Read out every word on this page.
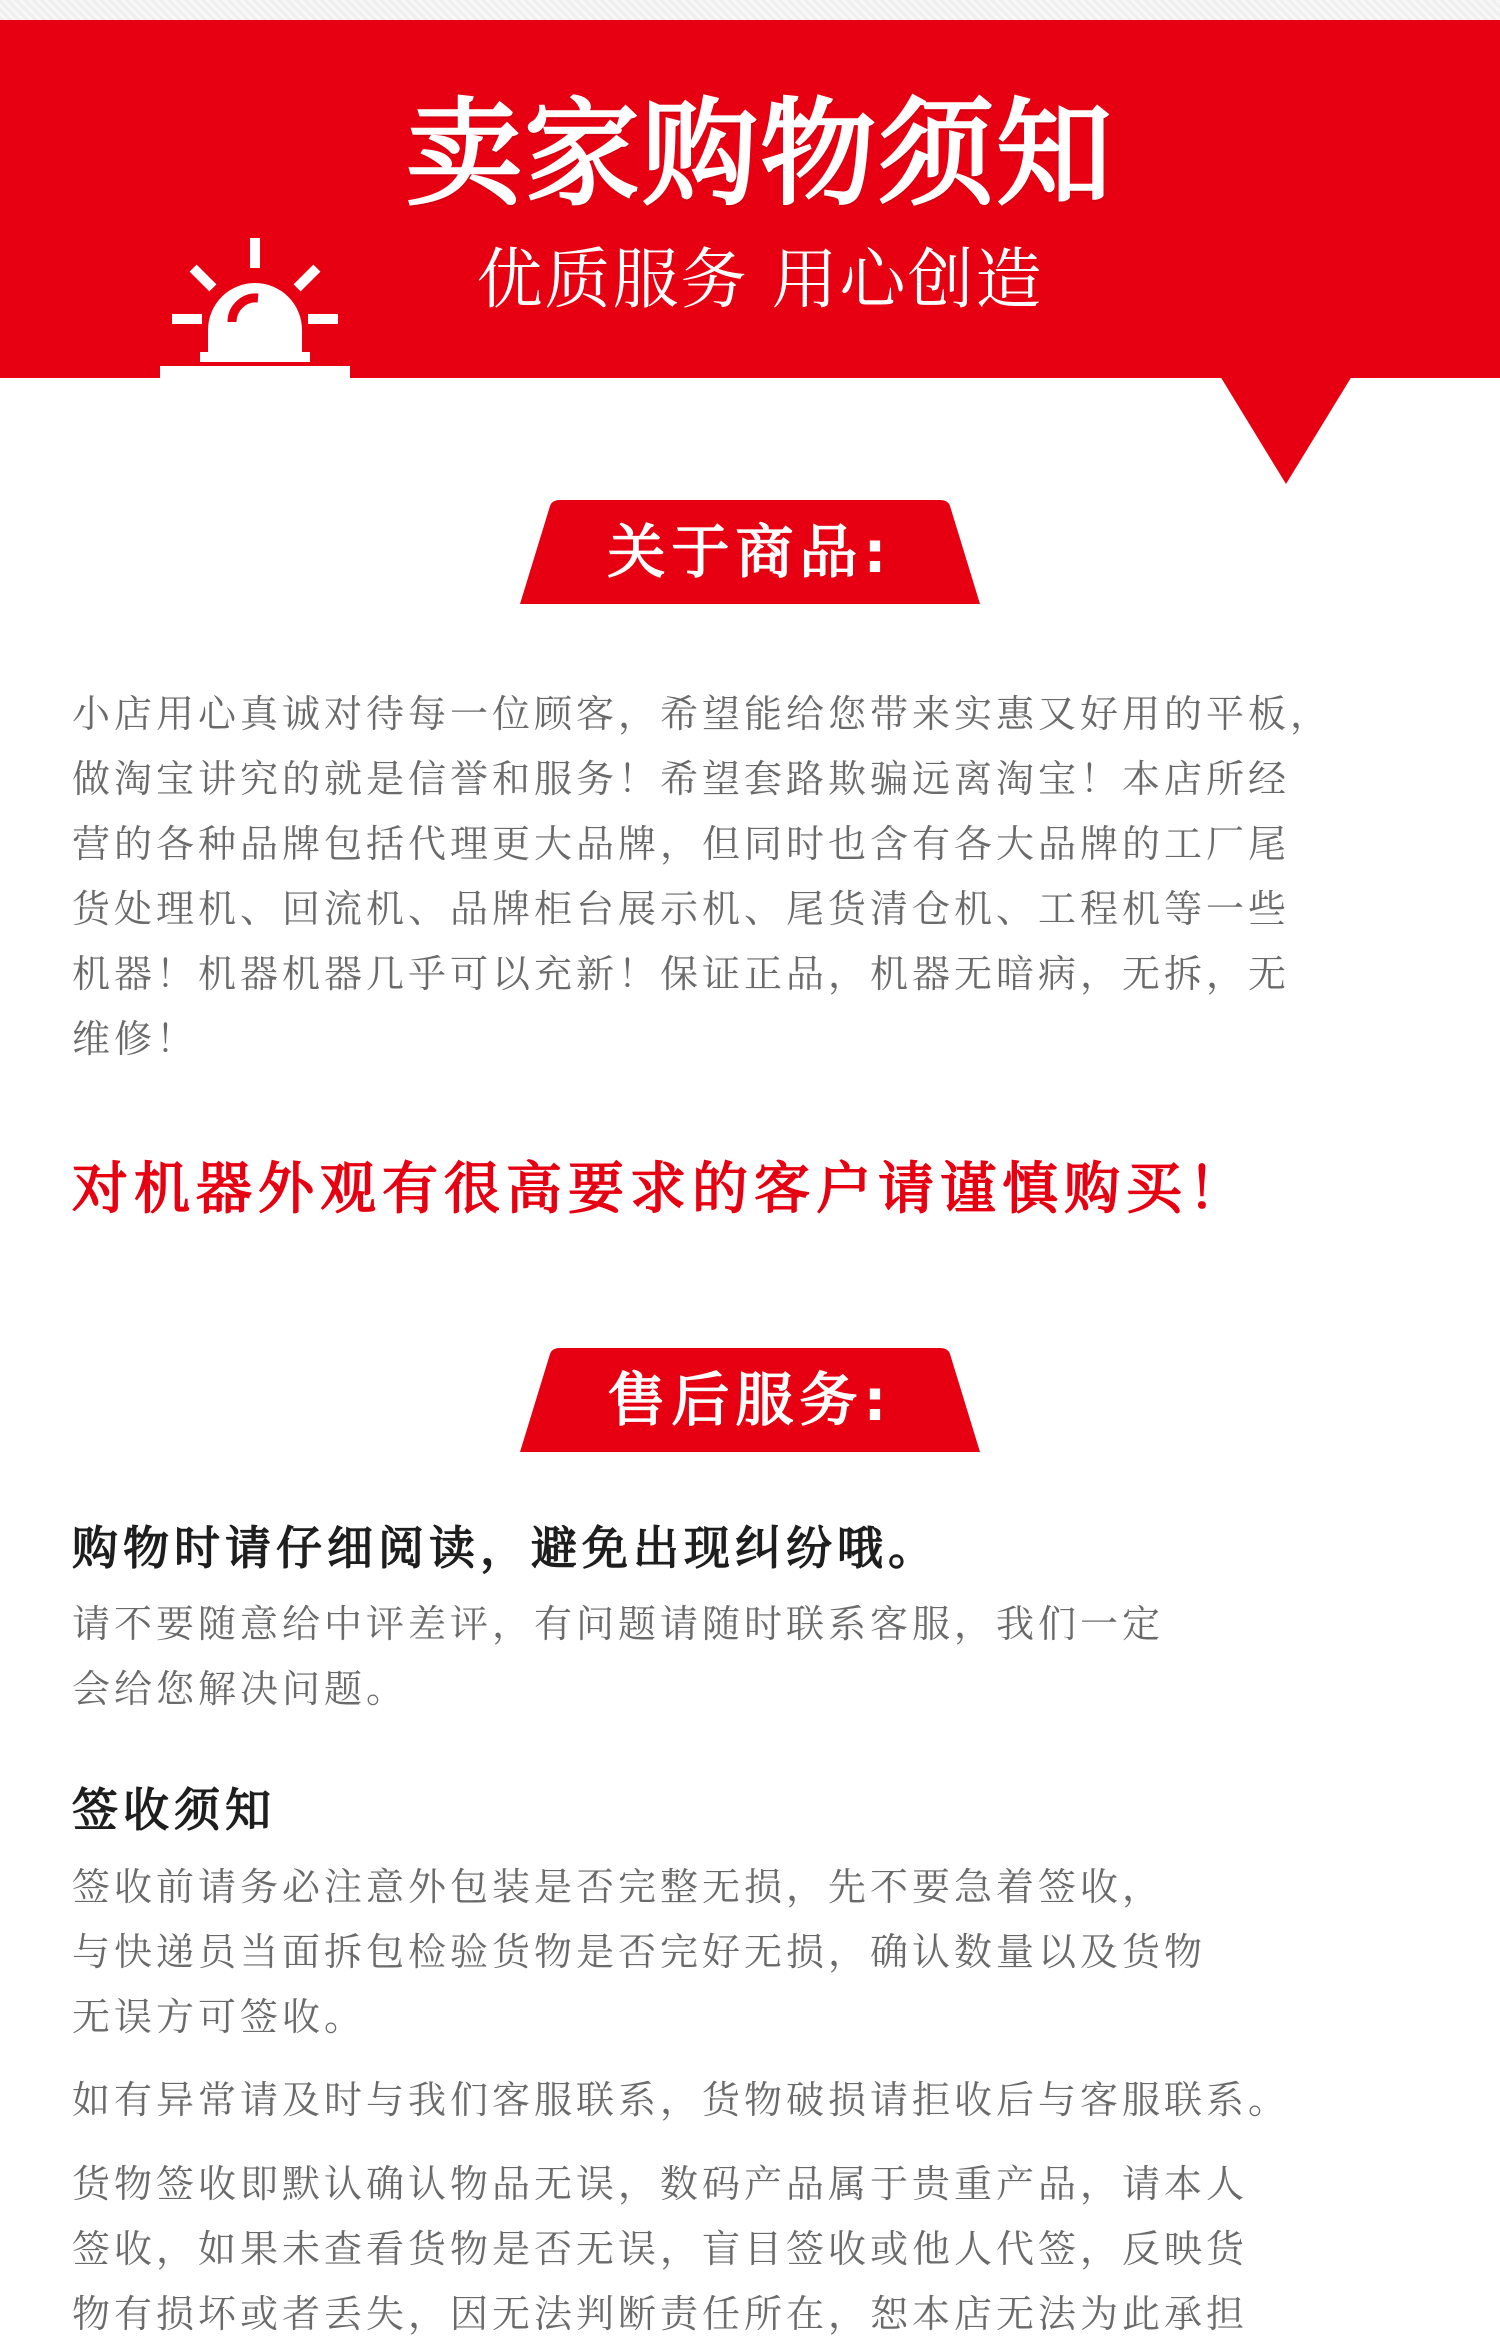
卖家购物须知
优质服务 用心创造
关于商品:
小店用心真诚对待每一位顾客，希望能给您带来实惠又好用的平板，
做淘宝讲究的就是信誉和服务！希望套路欺骗远离淘宝！本店所经
营的各种品牌包括代理更大品牌，但同时也含有各大品牌的工厂尾
货处理机、回流机、品牌柜台展示机、尾货清仓机、工程机等一些
机器！机器机器几乎可以充新！保证正品，机器无暗病，无拆，无
维修！

对机器外观有很高要求的客户请谨慎购买！

售后服务:
购物时请仔细阅读，避免出现纠纷哦。
请不要随意给中评差评，有问题请随时联系客服，我们一定
会给您解决问题。
签收须知
签收前请务必注意外包装是否完整无损，先不要急着签收，
与快递员当面拆包检验货物是否完好无损，确认数量以及货物
无误方可签收。
如有异常请及时与我们客服联系，货物破损请拒收后与客服联系。
货物签收即默认确认物品无误，数码产品属于贵重产品，请本人
签收，如果未查看货物是否无误，盲目签收或他人代签，反映货
物有损坏或者丢失，因无法判断责任所在，恕本店无法为此承担
